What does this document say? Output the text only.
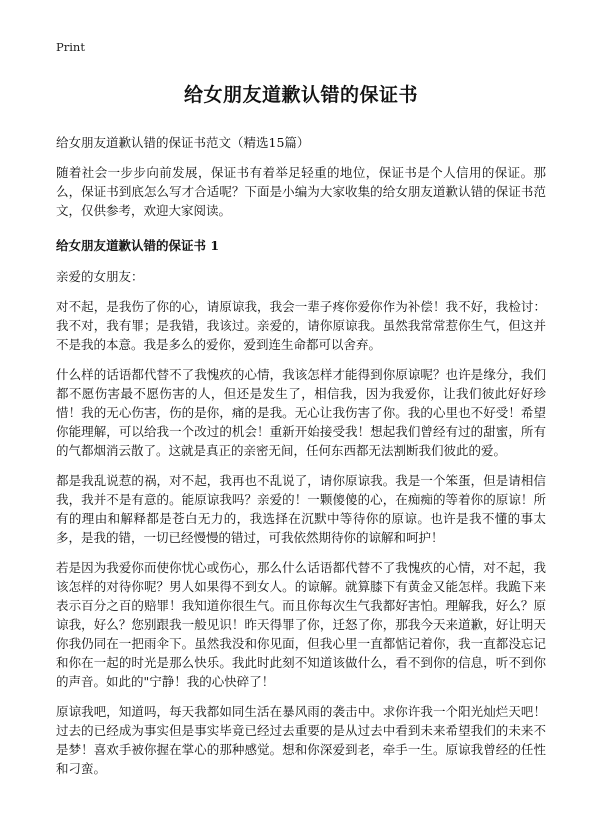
Print
给女朋友道歉认错的保证书
给女朋友道歉认错的保证书范文（精选15篇）

随着社会一步步向前发展，保证书有着举足轻重的地位，保证书是个人信用的保证。那么，保证书到底怎么写才合适呢？下面是小编为大家收集的给女朋友道歉认错的保证书范文，仅供参考，欢迎大家阅读。

给女朋友道歉认错的保证书 1

亲爱的女朋友：

对不起，是我伤了你的心，请原谅我，我会一辈子疼你爱你作为补偿！我不好，我检讨：我不对，我有罪；是我错，我该过。亲爱的，请你原谅我。虽然我常常惹你生气，但这并不是我的本意。我是多么的爱你，爱到连生命都可以舍弃。

什么样的话语都代替不了我愧疚的心情，我该怎样才能得到你原谅呢？也许是缘分，我们都不愿伤害最不愿伤害的人，但还是发生了，相信我，因为我爱你，让我们彼此好好珍惜！我的无心伤害，伤的是你，痛的是我。无心让我伤害了你。我的心里也不好受！希望你能理解，可以给我一个改过的机会！重新开始接受我！想起我们曾经有过的甜蜜，所有的气都烟消云散了。这就是真正的亲密无间，任何东西都无法割断我们彼此的爱。

都是我乱说惹的祸，对不起，我再也不乱说了，请你原谅我。我是一个笨蛋，但是请相信我，我并不是有意的。能原谅我吗？亲爱的！一颗傻傻的心，在痴痴的等着你的原谅！所有的理由和解释都是苍白无力的，我选择在沉默中等待你的原谅。也许是我不懂的事太多，是我的错，一切已经慢慢的错过，可我依然期待你的谅解和呵护！

若是因为我爱你而使你忧心或伤心，那么什么话语都代替不了我愧疚的心情，对不起，我该怎样的对待你呢？男人如果得不到女人。的谅解。就算膝下有黄金又能怎样。我跪下来表示百分之百的赔罪！我知道你很生气。而且你每次生气我都好害怕。理解我，好么？原谅我，好么？您别跟我一般见识！昨天得罪了你，迁怒了你，那我今天来道歉，好让明天你我仍同在一把雨伞下。虽然我没和你见面，但我心里一直都惦记着你，我一直都没忘记和你在一起的时光是那么快乐。我此时此刻不知道该做什么，看不到你的信息，听不到你的声音。如此的"宁静！我的心快碎了！

原谅我吧，知道吗，每天我都如同生活在暴风雨的袭击中。求你许我一个阳光灿烂天吧！过去的已经成为事实但是事实毕竟已经过去重要的是从过去中看到未来希望我们的未来不是梦！喜欢手被你握在掌心的那种感觉。想和你深爱到老，牵手一生。原谅我曾经的任性和刁蛮。
